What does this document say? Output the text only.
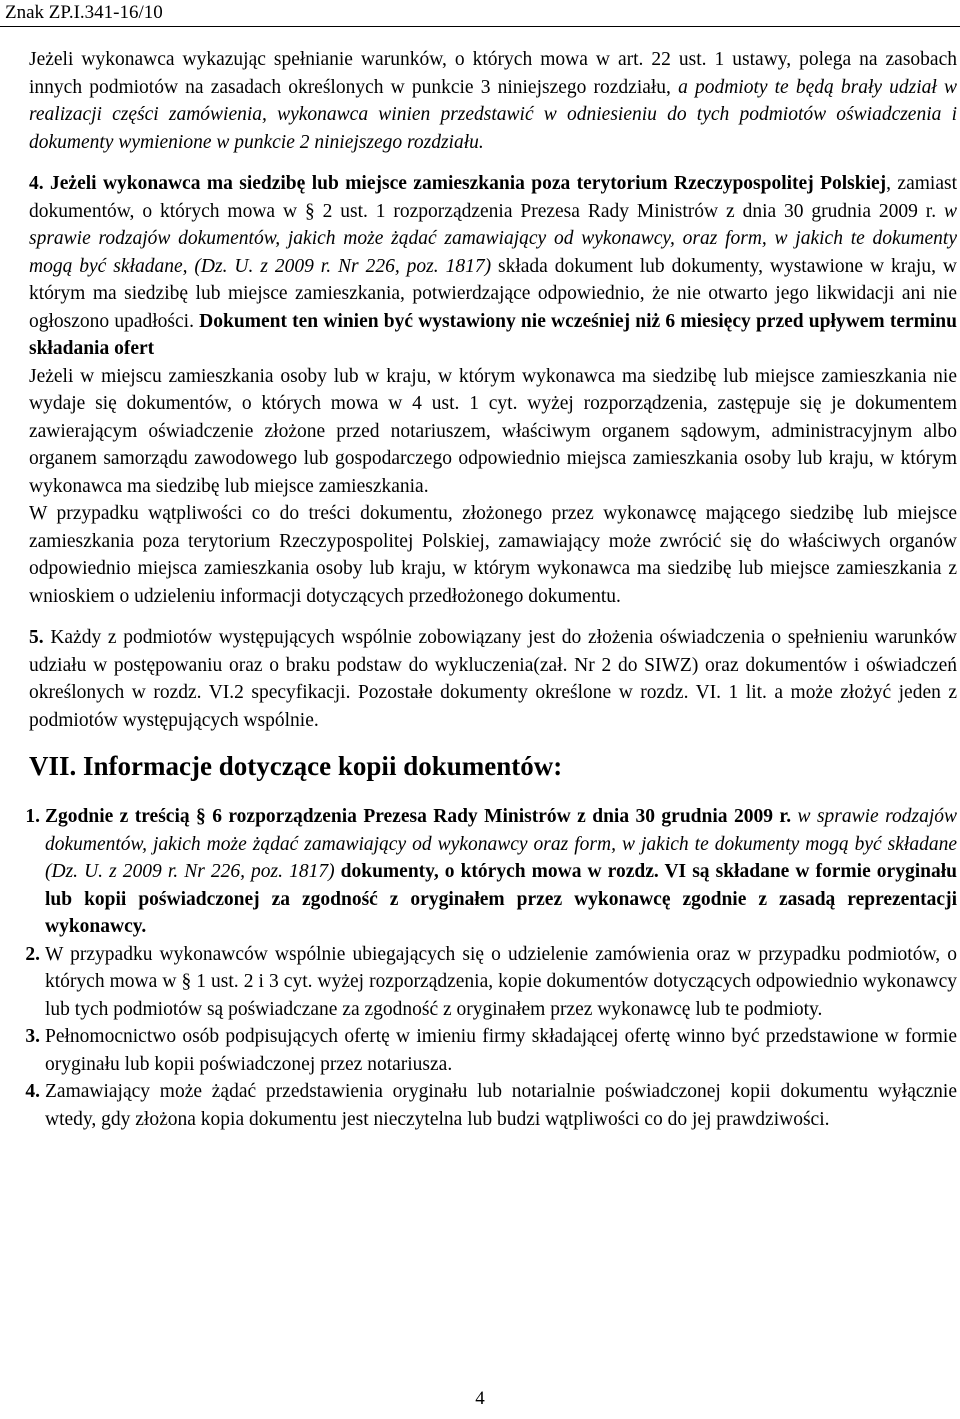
Znak ZP.I.341-16/10

Jeżeli wykonawca wykazując spełnianie warunków, o których mowa w art. 22 ust. 1 ustawy, polega na zasobach innych podmiotów na zasadach określonych w punkcie 3 niniejszego rozdziału, a podmioty te będą brały udział w realizacji części zamówienia, wykonawca winien przedstawić w odniesieniu do tych podmiotów oświadczenia i dokumenty wymienione w punkcie 2 niniejszego rozdziału.

4. Jeżeli wykonawca ma siedzibę lub miejsce zamieszkania poza terytorium Rzeczypospolitej Polskiej, zamiast dokumentów, o których mowa w § 2 ust. 1 rozporządzenia Prezesa Rady Ministrów z dnia 30 grudnia 2009 r. w sprawie rodzajów dokumentów, jakich może żądać zamawiający od wykonawcy, oraz form, w jakich te dokumenty mogą być składane, (Dz. U. z 2009 r. Nr 226, poz. 1817) składa dokument lub dokumenty, wystawione w kraju, w którym ma siedzibę lub miejsce zamieszkania, potwierdzające odpowiednio, że nie otwarto jego likwidacji ani nie ogłoszono upadłości. Dokument ten winien być wystawiony nie wcześniej niż 6 miesięcy przed upływem terminu składania ofert

Jeżeli w miejscu zamieszkania osoby lub w kraju, w którym wykonawca ma siedzibę lub miejsce zamieszkania nie wydaje się dokumentów, o których mowa w 4 ust. 1 cyt. wyżej rozporządzenia, zastępuje się je dokumentem zawierającym oświadczenie złożone przed notariuszem, właściwym organem sądowym, administracyjnym albo organem samorządu zawodowego lub gospodarczego odpowiednio miejsca zamieszkania osoby lub kraju, w którym wykonawca ma siedzibę lub miejsce zamieszkania.

W przypadku wątpliwości co do treści dokumentu, złożonego przez wykonawcę mającego siedzibę lub miejsce zamieszkania poza terytorium Rzeczypospolitej Polskiej, zamawiający może zwrócić się do właściwych organów odpowiednio miejsca zamieszkania osoby lub kraju, w którym wykonawca ma siedzibę lub miejsce zamieszkania z wnioskiem o udzieleniu informacji dotyczących przedłożonego dokumentu.

5. Każdy z podmiotów występujących wspólnie zobowiązany jest do złożenia oświadczenia o spełnieniu warunków udziału w postępowaniu oraz o braku podstaw do wykluczenia(zał. Nr 2 do SIWZ) oraz dokumentów i oświadczeń określonych w rozdz. VI.2 specyfikacji. Pozostałe dokumenty określone w rozdz. VI. 1 lit. a może złożyć jeden z podmiotów występujących wspólnie.

VII. Informacje dotyczące kopii dokumentów:
1. Zgodnie z treścią § 6 rozporządzenia Prezesa Rady Ministrów z dnia 30 grudnia 2009 r. w sprawie rodzajów dokumentów, jakich może żądać zamawiający od wykonawcy oraz form, w jakich te dokumenty mogą być składane (Dz. U. z 2009 r. Nr 226, poz. 1817) dokumenty, o których mowa w rozdz. VI są składane w formie oryginału lub kopii poświadczonej za zgodność z oryginałem przez wykonawcę zgodnie z zasadą reprezentacji wykonawcy.
2. W przypadku wykonawców wspólnie ubiegających się o udzielenie zamówienia oraz w przypadku podmiotów, o których mowa w § 1 ust. 2 i 3 cyt. wyżej rozporządzenia, kopie dokumentów dotyczących odpowiednio wykonawcy lub tych podmiotów są poświadczane za zgodność z oryginałem przez wykonawcę lub te podmioty.
3. Pełnomocnictwo osób podpisujących ofertę w imieniu firmy składającej ofertę winno być przedstawione w formie oryginału lub kopii poświadczonej przez notariusza.
4. Zamawiający może żądać przedstawienia oryginału lub notarialnie poświadczonej kopii dokumentu wyłącznie wtedy, gdy złożona kopia dokumentu jest nieczytelna lub budzi wątpliwości co do jej prawdziwości.
4
